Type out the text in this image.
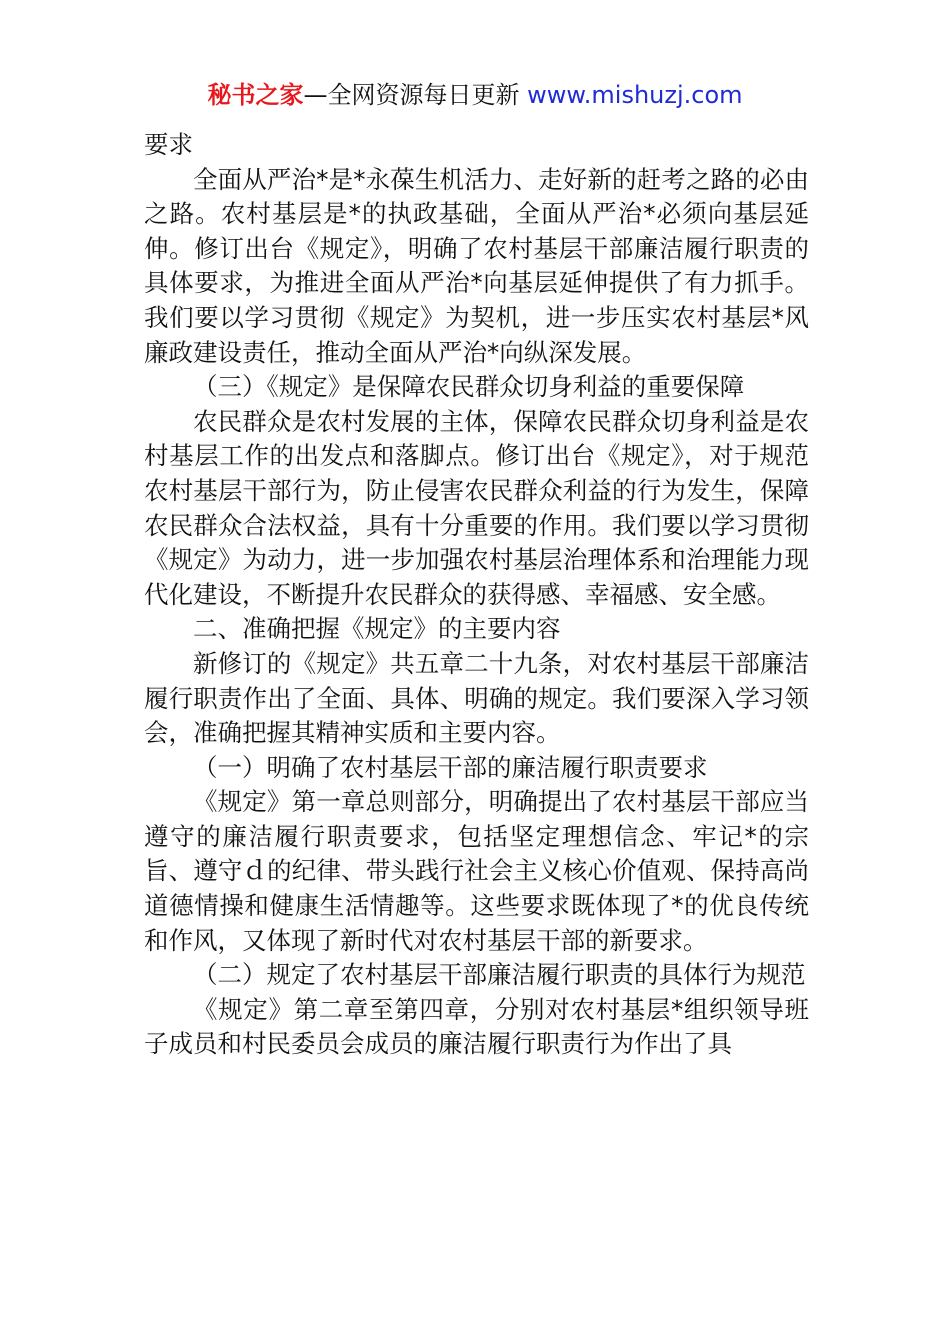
秘书之家—全网资源每日更新 www.mishuzj.com

要求

全面从严治*是*永葆生机活力、走好新的赶考之路的必由之路。农村基层是*的执政基础，全面从严治*必须向基层延伸。修订出台《规定》，明确了农村基层干部廉洁履行职责的具体要求，为推进全面从严治*向基层延伸提供了有力抓手。我们要以学习贯彻《规定》为契机，进一步压实农村基层*风廉政建设责任，推动全面从严治*向纵深发展。

（三）《规定》是保障农民群众切身利益的重要保障

农民群众是农村发展的主体，保障农民群众切身利益是农村基层工作的出发点和落脚点。修订出台《规定》，对于规范农村基层干部行为，防止侵害农民群众利益的行为发生，保障农民群众合法权益，具有十分重要的作用。我们要以学习贯彻《规定》为动力，进一步加强农村基层治理体系和治理能力现代化建设，不断提升农民群众的获得感、幸福感、安全感。

二、准确把握《规定》的主要内容

新修订的《规定》共五章二十九条，对农村基层干部廉洁履行职责作出了全面、具体、明确的规定。我们要深入学习领会，准确把握其精神实质和主要内容。

（一）明确了农村基层干部的廉洁履行职责要求

《规定》第一章总则部分，明确提出了农村基层干部应当遵守的廉洁履行职责要求，包括坚定理想信念、牢记*的宗旨、遵守ｄ的纪律、带头践行社会主义核心价值观、保持高尚道德情操和健康生活情趣等。这些要求既体现了*的优良传统和作风，又体现了新时代对农村基层干部的新要求。

（二）规定了农村基层干部廉洁履行职责的具体行为规范

《规定》第二章至第四章，分别对农村基层*组织领导班子成员和村民委员会成员的廉洁履行职责行为作出了具
